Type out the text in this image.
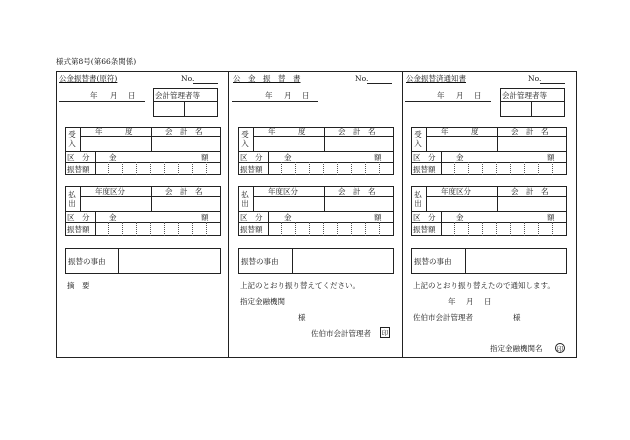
様式第8号(第66条関係)
公金振替書(原符)	No.
年 月 日	会計管理者等
受入
年　　　度	会　計　名
区　分	金	額
振替額
払出
年度区分	会　計　名
区　分	金	額
振替額
振替の事由
摘　要
公　金　振　替　書	No.
年 月 日
受入
年　　　度	会　計　名
区　分	金	額
振替額
払出
年度区分	会　計　名
区　分	金	額
振替額
振替の事由
上記のとおり振り替えてください。
指定金融機関
様
佐伯市会計管理者 印
公金振替済通知書	No.
年 月 日	会計管理者等
受入
年　　　度	会　計　名
区　分	金	額
振替額
払出
年度区分	会　計　名
区　分	金	額
振替額
振替の事由
上記のとおり振り替えたので通知します。
年 月 日
佐伯市会計管理者	様
指定金融機関名 印
